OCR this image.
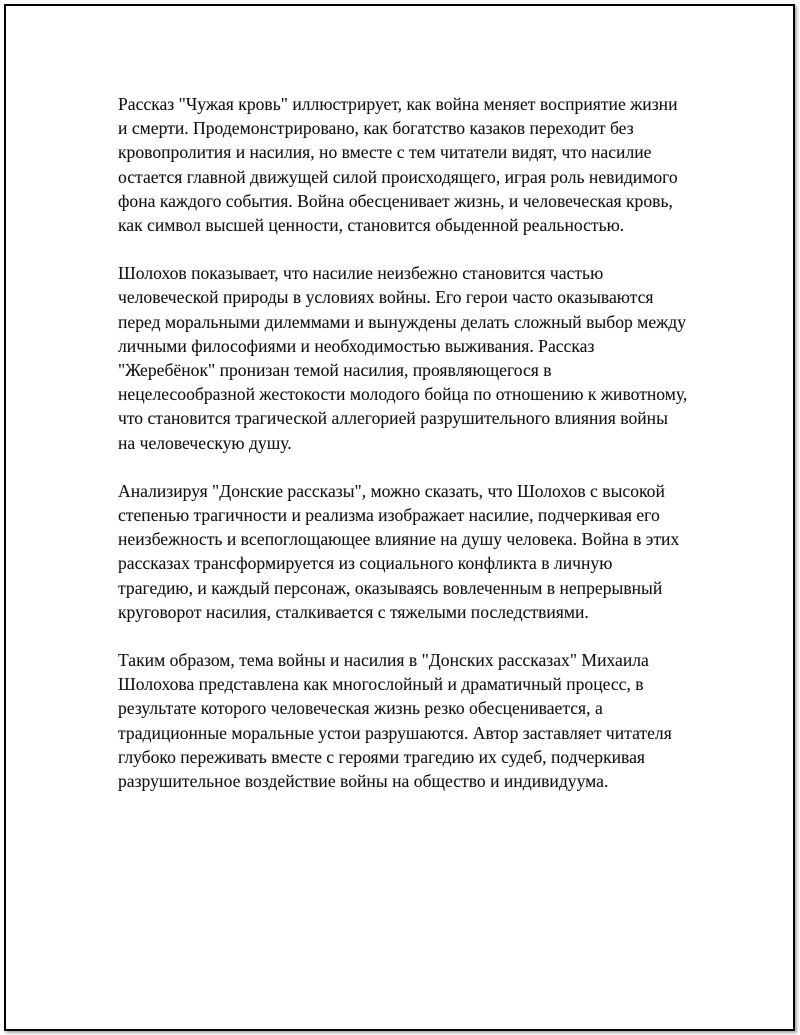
Рассказ "Чужая кровь" иллюстрирует, как война меняет восприятие жизни и смерти. Продемонстрировано, как богатство казаков переходит без кровопролития и насилия, но вместе с тем читатели видят, что насилие остается главной движущей силой происходящего, играя роль невидимого фона каждого события. Война обесценивает жизнь, и человеческая кровь, как символ высшей ценности, становится обыденной реальностью.

Шолохов показывает, что насилие неизбежно становится частью человеческой природы в условиях войны. Его герои часто оказываются перед моральными дилеммами и вынуждены делать сложный выбор между личными философиями и необходимостью выживания. Рассказ "Жеребёнок" пронизан темой насилия, проявляющегося в нецелесообразной жестокости молодого бойца по отношению к животному, что становится трагической аллегорией разрушительного влияния войны на человеческую душу.

Анализируя "Донские рассказы", можно сказать, что Шолохов с высокой степенью трагичности и реализма изображает насилие, подчеркивая его неизбежность и всепоглощающее влияние на душу человека. Война в этих рассказах трансформируется из социального конфликта в личную трагедию, и каждый персонаж, оказываясь вовлеченным в непрерывный круговорот насилия, сталкивается с тяжелыми последствиями.

Таким образом, тема войны и насилия в "Донских рассказах" Михаила Шолохова представлена как многослойный и драматичный процесс, в результате которого человеческая жизнь резко обесценивается, а традиционные моральные устои разрушаются. Автор заставляет читателя глубоко переживать вместе с героями трагедию их судеб, подчеркивая разрушительное воздействие войны на общество и индивидуума.
